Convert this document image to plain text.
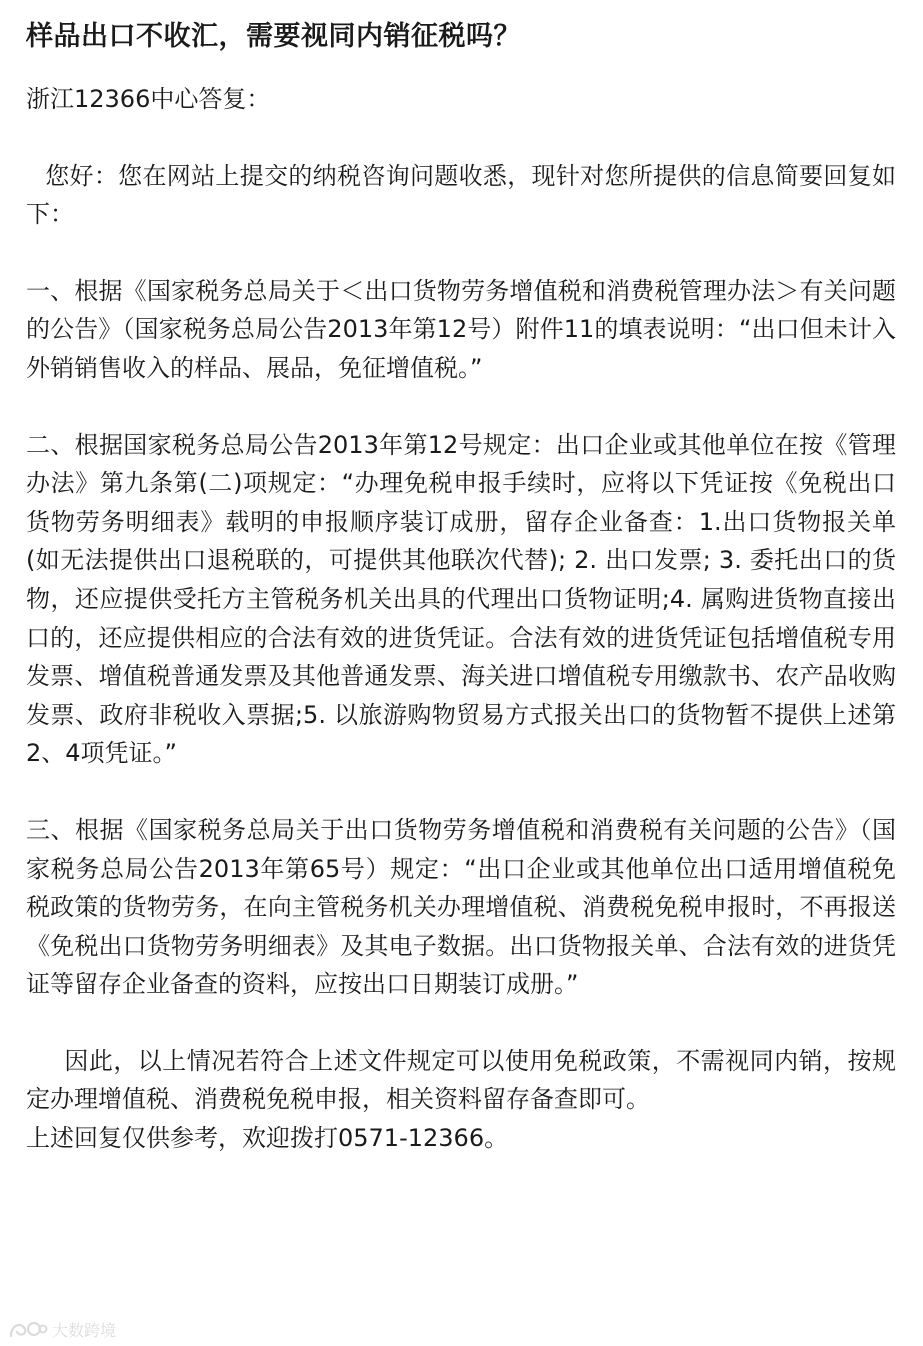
样品出口不收汇，需要视同内销征税吗？

浙江12366中心答复：

您好：您在网站上提交的纳税咨询问题收悉，现针对您所提供的信息简要回复如下：

一、根据《国家税务总局关于＜出口货物劳务增值税和消费税管理办法＞有关问题的公告》（国家税务总局公告2013年第12号）附件11的填表说明：“出口但未计入外销销售收入的样品、展品，免征增值税。”

二、根据国家税务总局公告2013年第12号规定：出口企业或其他单位在按《管理办法》第九条第(二)项规定：“办理免税申报手续时，应将以下凭证按《免税出口货物劳务明细表》载明的申报顺序装订成册，留存企业备查：1.出口货物报关单(如无法提供出口退税联的，可提供其他联次代替); 2. 出口发票; 3. 委托出口的货物，还应提供受托方主管税务机关出具的代理出口货物证明;4. 属购进货物直接出口的，还应提供相应的合法有效的进货凭证。合法有效的进货凭证包括增值税专用发票、增值税普通发票及其他普通发票、海关进口增值税专用缴款书、农产品收购发票、政府非税收入票据;5. 以旅游购物贸易方式报关出口的货物暂不提供上述第2、4项凭证。”

三、根据《国家税务总局关于出口货物劳务增值税和消费税有关问题的公告》（国家税务总局公告2013年第65号）规定：“出口企业或其他单位出口适用增值税免税政策的货物劳务，在向主管税务机关办理增值税、消费税免税申报时，不再报送《免税出口货物劳务明细表》及其电子数据。出口货物报关单、合法有效的进货凭证等留存企业备查的资料，应按出口日期装订成册。”

因此，以上情况若符合上述文件规定可以使用免税政策，不需视同内销，按规定办理增值税、消费税免税申报，相关资料留存备查即可。

上述回复仅供参考，欢迎拨打0571-12366。

大数跨境
